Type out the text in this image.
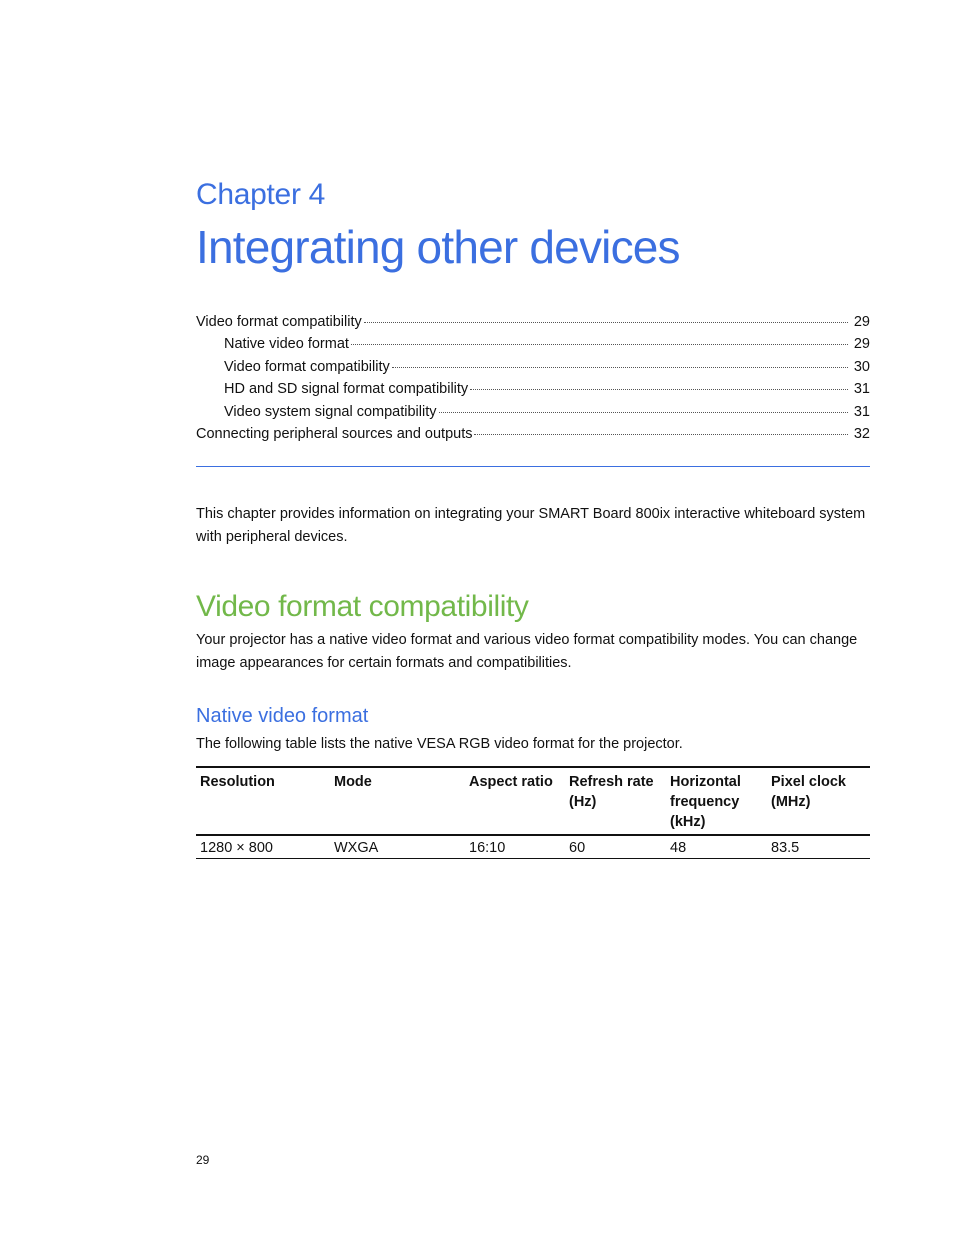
Chapter 4
Integrating other devices
Video format compatibility	29
Native video format	29
Video format compatibility	30
HD and SD signal format compatibility	31
Video system signal compatibility	31
Connecting peripheral sources and outputs	32

This chapter provides information on integrating your SMART Board 800ix interactive whiteboard system with peripheral devices.

Video format compatibility

Your projector has a native video format and various video format compatibility modes. You can change image appearances for certain formats and compatibilities.

Native video format

The following table lists the native VESA RGB video format for the projector.

Resolution	Mode	Aspect ratio	Refresh rate (Hz)	Horizontal frequency (kHz)	Pixel clock (MHz)
1280 × 800	WXGA	16:10	60	48	83.5
29
